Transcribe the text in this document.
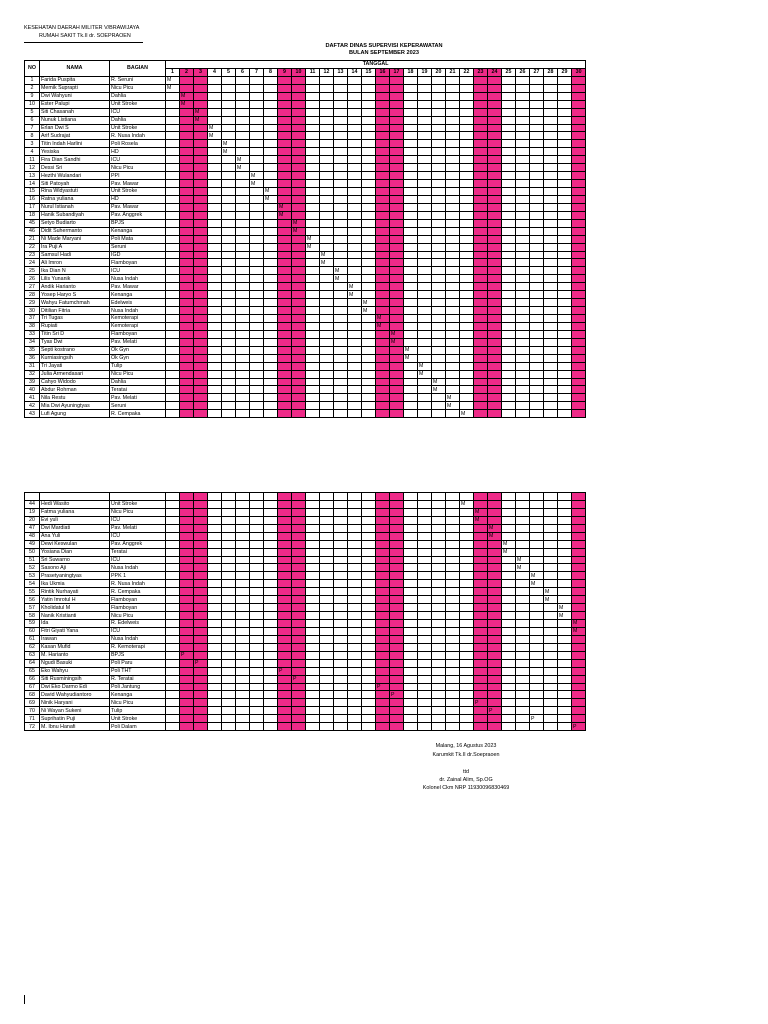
KESEHATAN DAERAH MILITER V/BRAWIJAYA
RUMAH SAKIT Tk.II dr. SOEPRAOEN
DAFTAR DINAS SUPERVISI KEPERAWATAN
BULAN SEPTEMBER 2023
NO	NAMA	BAGIAN	TANGGAL																													
			1	2	3	4	5	6	7	8	9	10	11	12	13	14	15	16	17	18	19	20	21	22	23	24	25	26	27	28	29	30
1	Farida Puspita	R. Seruni	M																													
2	Memik Suprapti	Nicu Picu	M																													
9	Dwi Wahyuni	Dahlia		M																												
10	Ester Palupi	Unit Stroke		M																												
5	Siti Chasanah	ICU			M																											
6	Nunuk Listiana	Dahlia			M																											
7	Erlan Dwi S	Unit Stroke				M																										
8	Arif Sudrajat	R. Nusa Indah				M																										
3	Titin Indah Harlini	Poli Rosela					M																									
4	Yesiska	HD					M																									
11	Fira Dian Sandhi	ICU						M																								
12	Dessi Sri	Nicu Picu						M																								
13	Hezthi Wulandari	PPI							M																							
14	Siti Patoyah	Pav. Mawar							M																							
15	Rina Widyastuti	Unit Stroke								M																						
16	Ratna yuliana	HD								M																						
17	Nurul Istianah	Pav. Mawar									M																					
18	Hanik Subandiyah	Pav. Anggrek									M																					
45	Setyo Budiarto	BPJS										M																				
46	Didit Suhermanto	Kenanga										M																				
21	Ni Made Maryani	Poli Mata											M																			
22	Ira Puji A	Seruni											M																			
23	Samsul Hadi	IGD												M																		
24	Ali Imron	Flamboyan												M																		
25	Ika Dian N	ICU													M																	
26	Lilis Yunanik	Nusa Indah													M																	
27	Andik Harianto	Pav. Mawar														M																
28	Yosep Haryo S	Kenanga														M																
29	Wahyu Fatumchmah	Edelweis															M															
30	Ditilian Fitria	Nusa Indah															M															
37	Tri Tugas	Kemoterapi																M														
38	Rupiati	Kemoterapi																M														
33	Titin Sri D	Flamboyan																	M													
34	Tyas Dwi	Pav. Melati																	M													
35	Septi kostrano	Ok Gyn																		M												
36	Kurniasingsih	Ok Gyn																		M												
31	Tri Jayati	Tulip																			M											
32	Julia Armendasari	Nicu Picu																			M											
39	Cahyo Widodo	Dahlia																				M										
40	Abdur Rohman	Teratai																				M										
41	Nila Restu	Pav. Melati																					M									
42	Mia Dwi Ayuningtyas	Seruni																					M									
43	Lufi Agung	R. Cempaka																						M								

44	Hedi Wasito	Unit Stroke																						M								
19	Fatma yuliana	Nicu Picu																							M							
20	Evi yuli	ICU																							M							
47	Dwi Mardiati	Pav. Melati																								M						
48	Ana Yuli	ICU																								M						
49	Dewi Keswulan	Pav. Anggrek																									M					
50	Yosiana Dian	Teratai																									M					
51	Sri Suwarno	ICU																										M				
52	Sasono Aji	Nusa Indah																										M				
53	Prasetyaningtyas	PPK 1																											M			
54	Ika Ukmia	R. Nusa Indah																											M			
55	Rintik Nurhayati	R. Cempaka																												M		
56	Yatin Imrotul H	Flamboyan																												M		
57	Kholidatul M	Flamboyan																													M	
58	Nanik Kristianti	Nicu Picu																													M	
59	Ida	R. Edelweis																														M
60	Fitri Giyati Yana	ICU																														M
61	Irawan	Nusa Indah																														
62	Kasan Mufid	R. Kemoterapi																														
63	M. Harianto	BPJS		P																												
64	Ngudi Basuki	Poli Paru			P																											
65	Eko Wahyu	Poli THT									P																					
66	Siti Rusminingsih	R. Teratai										P																				
67	Dwi Eko Darmo Edi	Poli Jantung																P														
68	David Wahyudiantoro	Kenanga																	P													
69	Ninik Haryani	Nicu Picu																							P							
70	Ni Wayan Sukeni	Tulip																								P						
71	Suprihatin Puji	Unit Stroke																											P			
72	M. Ibnu Hanafi	Poli Dalam																														P
Malang, 16 Agustus 2023
Karumkit Tk.II dr.Soepraoen
ttd
dr. Zainal Alim, Sp.OG
Kolonel Ckm NRP 11930096830469
